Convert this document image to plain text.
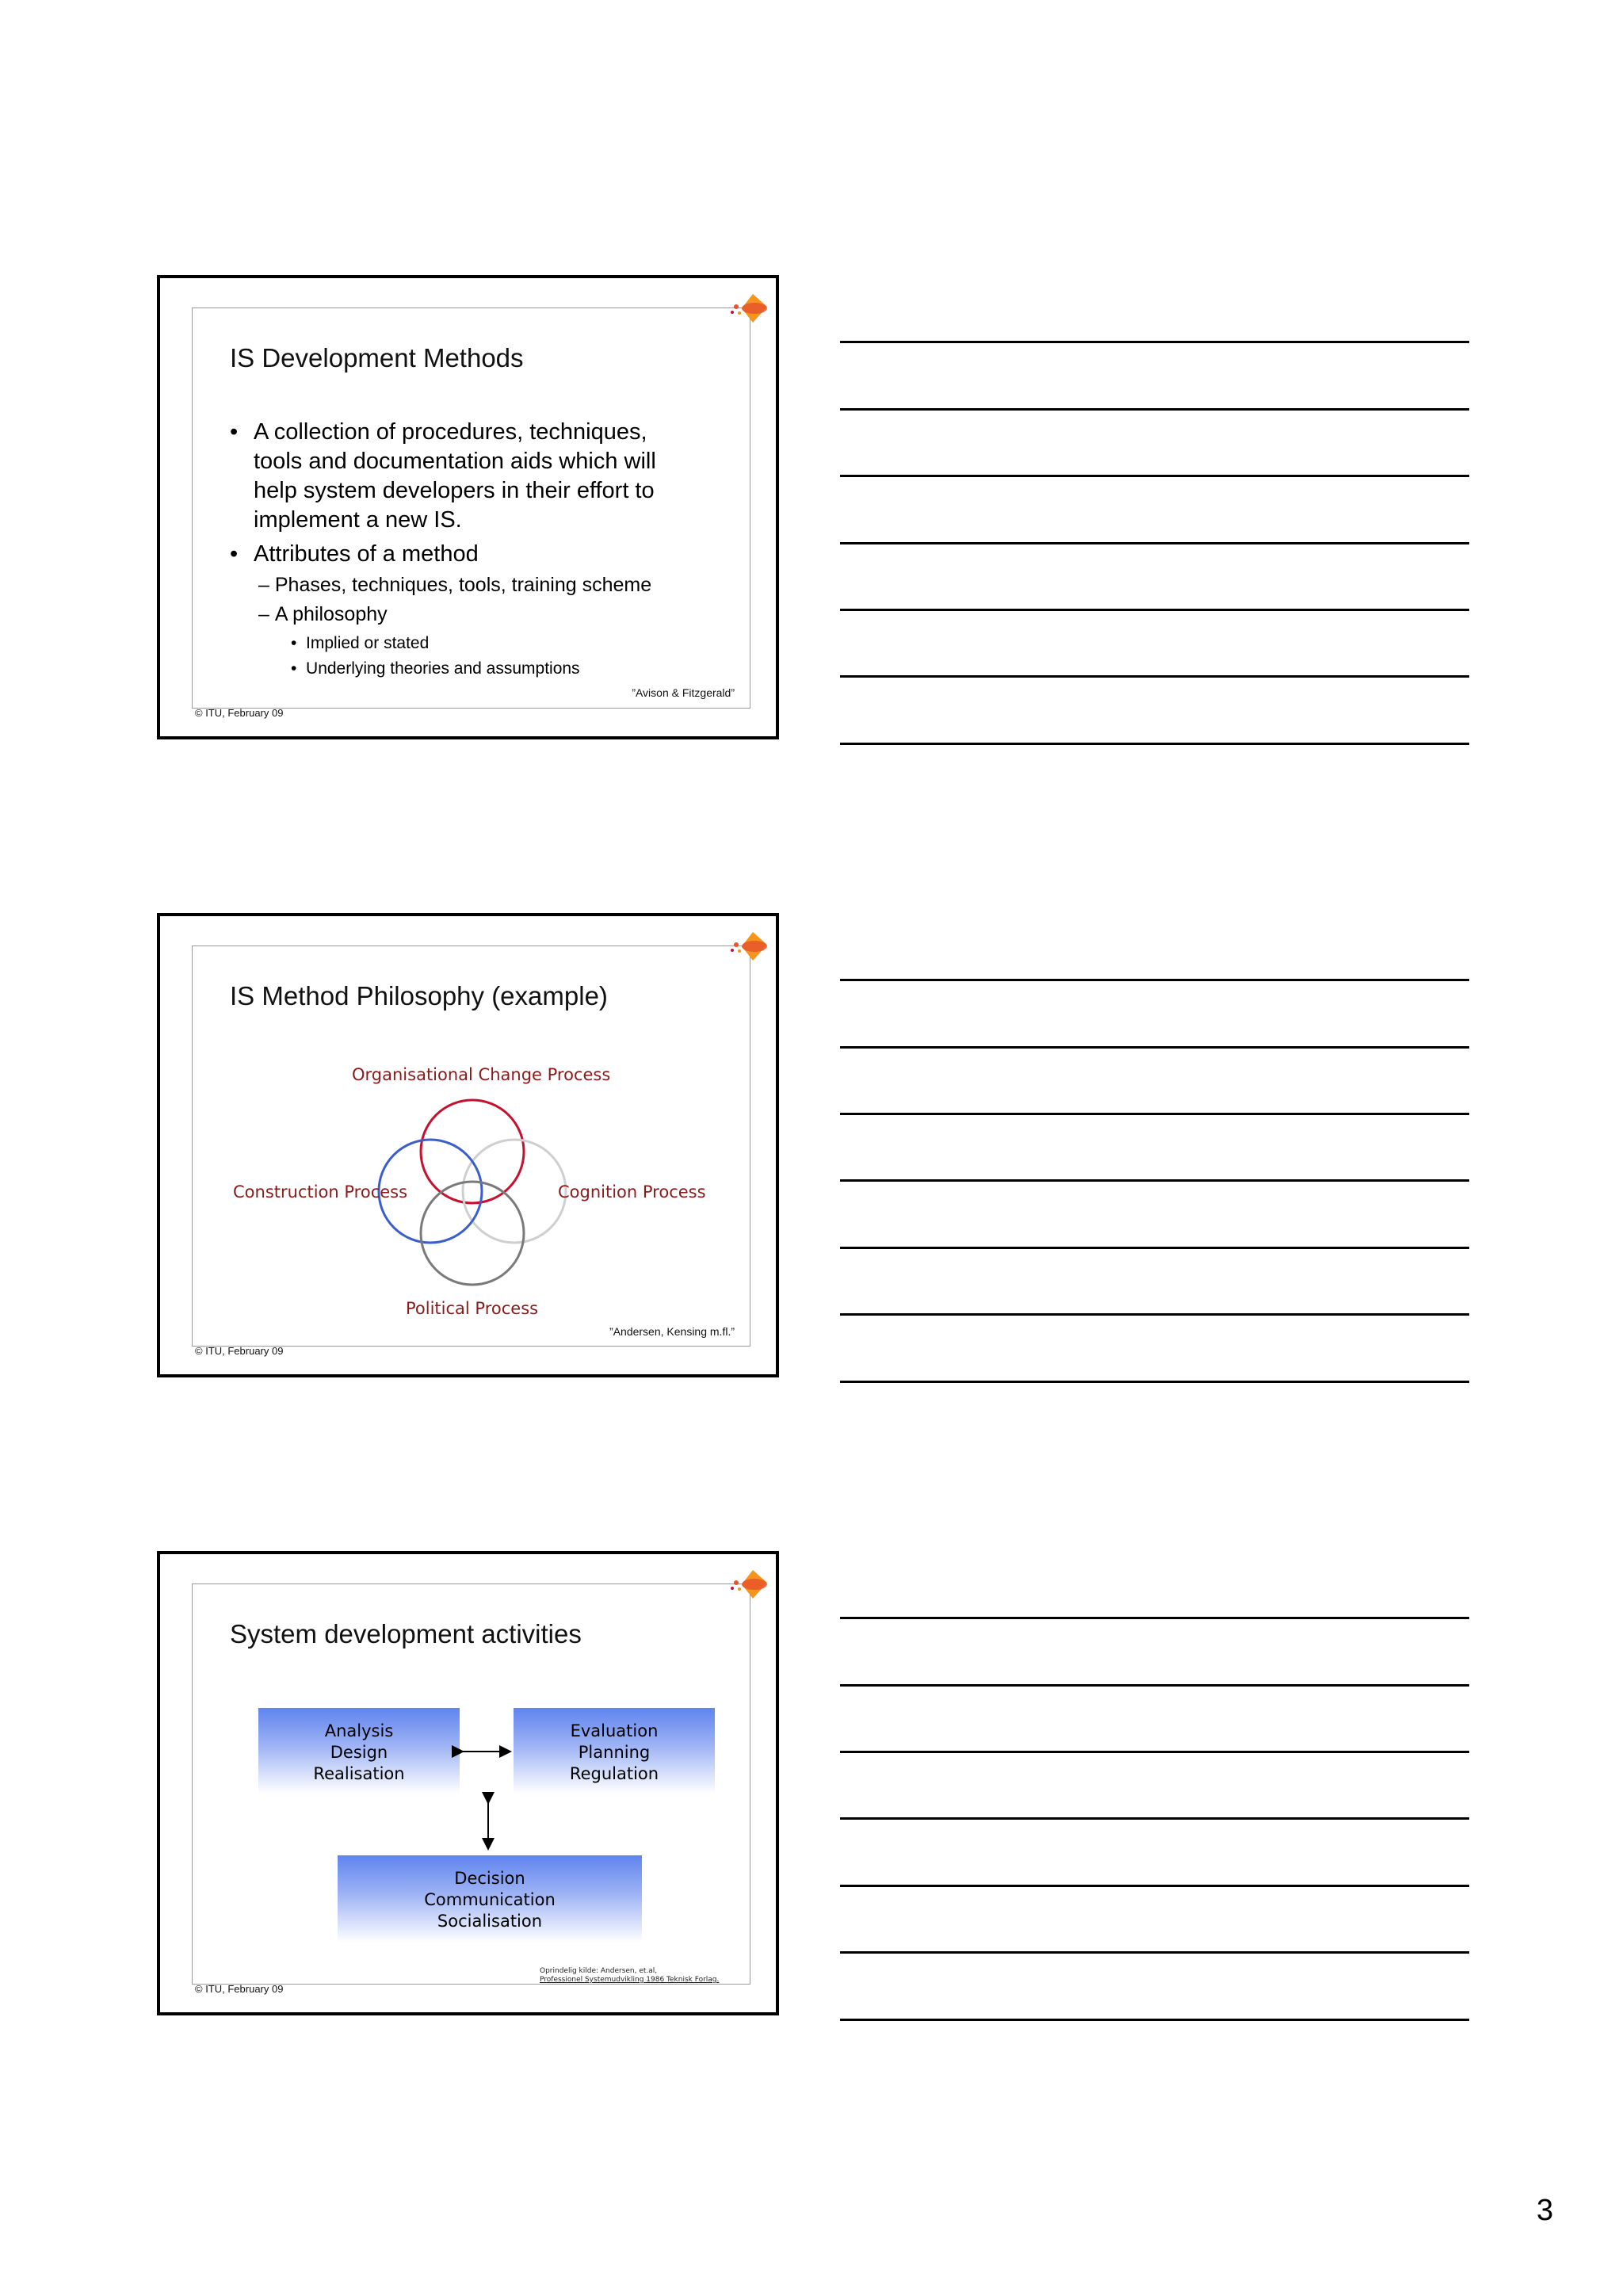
IS Development Methods
• A collection of procedures, techniques,
tools and documentation aids which will
help system developers in their effort to
implement a new IS.
• Attributes of a method
– Phases, techniques, tools, training scheme
– A philosophy
•  Implied or stated
•  Underlying theories and assumptions
”Avison & Fitzgerald”
© ITU, February 09
IS Method Philosophy (example)
Organisational Change Process
Construction Process	Cognition Process
Political Process
”Andersen, Kensing m.fl.”
© ITU, February 09
System development activities
Analysis
Design
Realisation
Evaluation
Planning
Regulation
Decision
Communication
Socialisation
Oprindelig kilde: Andersen, et.al,
Professionel Systemudvikling 1986 Teknisk Forlag.
© ITU, February 09
3
